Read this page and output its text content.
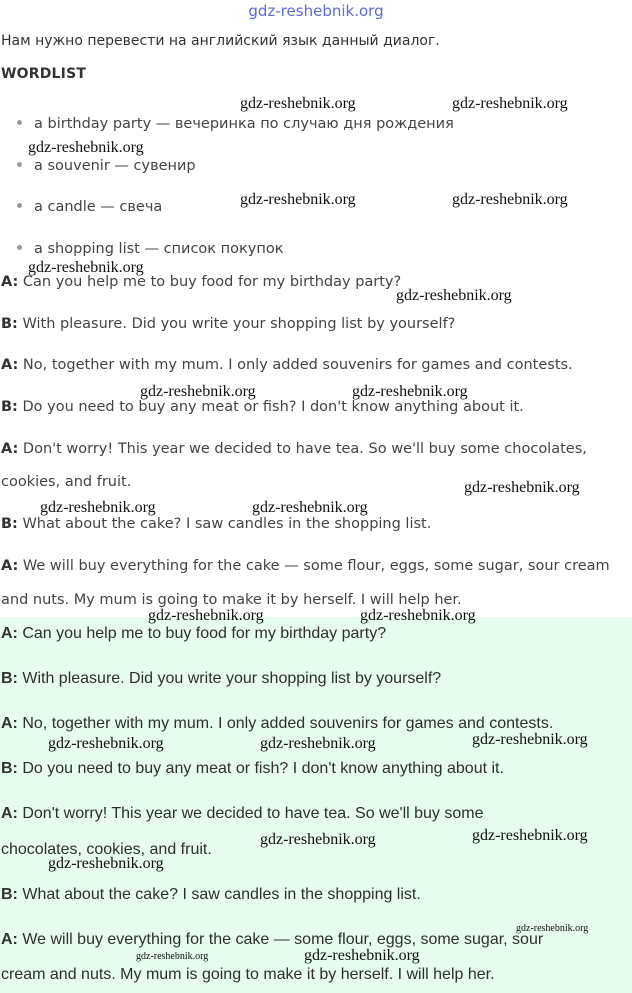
gdz-reshebnik.org
Нам нужно перевести на английский язык данный диалог.
WORDLIST
a birthday party — вечеринка по случаю дня рождения
a souvenir — сувенир
a candle — свеча
a shopping list — список покупок
A: Can you help me to buy food for my birthday party?
B: With pleasure. Did you write your shopping list by yourself?
A: No, together with my mum. I only added souvenirs for games and contests.
B: Do you need to buy any meat or fish? I don't know anything about it.
A: Don't worry! This year we decided to have tea. So we'll buy some chocolates,
cookies, and fruit.
B: What about the cake? I saw candles in the shopping list.
A: We will buy everything for the cake — some flour, eggs, some sugar, sour cream
and nuts. My mum is going to make it by herself. I will help her.
A: Can you help me to buy food for my birthday party?
B: With pleasure. Did you write your shopping list by yourself?
A: No, together with my mum. I only added souvenirs for games and contests.
B: Do you need to buy any meat or fish? I don't know anything about it.
A: Don't worry! This year we decided to have tea. So we'll buy some
chocolates, cookies, and fruit.
B: What about the cake? I saw candles in the shopping list.
A: We will buy everything for the cake — some flour, eggs, some sugar, sour
cream and nuts. My mum is going to make it by herself. I will help her.
gdz-reshebnik.org	gdz-reshebnik.org
gdz-reshebnik.org
gdz-reshebnik.org	gdz-reshebnik.org
gdz-reshebnik.org
gdz-reshebnik.org
gdz-reshebnik.org	gdz-reshebnik.org
gdz-reshebnik.org
gdz-reshebnik.org	gdz-reshebnik.org
gdz-reshebnik.org	gdz-reshebnik.org
gdz-reshebnik.org
gdz-reshebnik.org	gdz-reshebnik.org
gdz-reshebnik.org	gdz-reshebnik.org
gdz-reshebnik.org
gdz-reshebnik.org
gdz-reshebnik.org	gdz-reshebnik.org
